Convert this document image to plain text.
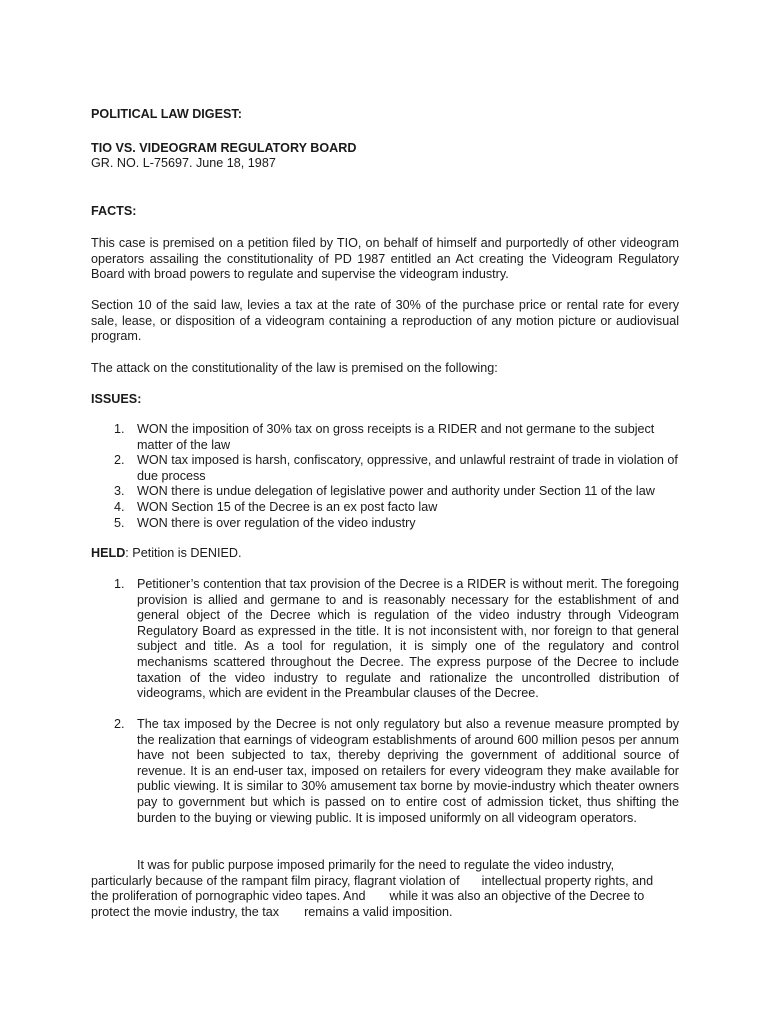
POLITICAL LAW DIGEST:

TIO VS. VIDEOGRAM REGULATORY BOARD

GR. NO. L-75697. June 18, 1987

FACTS:

This case is premised on a petition filed by TIO, on behalf of himself and purportedly of other videogram operators assailing the constitutionality of PD 1987 entitled an Act creating the Videogram Regulatory Board with broad powers to regulate and supervise the videogram industry.

Section 10 of the said law, levies a tax at the rate of 30% of the purchase price or rental rate for every sale, lease, or disposition of a videogram containing a reproduction of any motion picture or audiovisual program.

The attack on the constitutionality of the law is premised on the following:

ISSUES:

1. WON the imposition of 30% tax on gross receipts is a RIDER and not germane to the subject matter of the law
2. WON tax imposed is harsh, confiscatory, oppressive, and unlawful restraint of trade in violation of due process
3. WON there is undue delegation of legislative power and authority under Section 11 of the law
4. WON Section 15 of the Decree is an ex post facto law
5. WON there is over regulation of the video industry

HELD: Petition is DENIED.

1. Petitioner’s contention that tax provision of the Decree is a RIDER is without merit. The foregoing provision is allied and germane to and is reasonably necessary for the establishment of and general object of the Decree which is regulation of the video industry through Videogram Regulatory Board as expressed in the title. It is not inconsistent with, nor foreign to that general subject and title. As a tool for regulation, it is simply one of the regulatory and control mechanisms scattered throughout the Decree. The express purpose of the Decree to include taxation of the video industry to regulate and rationalize the uncontrolled distribution of videograms, which are evident in the Preambular clauses of the Decree.
2. The tax imposed by the Decree is not only regulatory but also a revenue measure prompted by the realization that earnings of videogram establishments of around 600 million pesos per annum have not been subjected to tax, thereby depriving the government of additional source of revenue. It is an end-user tax, imposed on retailers for every videogram they make available for public viewing. It is similar to 30% amusement tax borne by movie-industry which theater owners pay to government but which is passed on to entire cost of admission ticket, thus shifting the burden to the buying or viewing public. It is imposed uniformly on all videogram operators.
It was for public purpose imposed primarily for the need to regulate the video industry,
particularly because of the rampant film piracy, flagrant violation of intellectual property rights, and
the proliferation of pornographic video tapes. And while it was also an objective of the Decree to
protect the movie industry, the tax remains a valid imposition.
